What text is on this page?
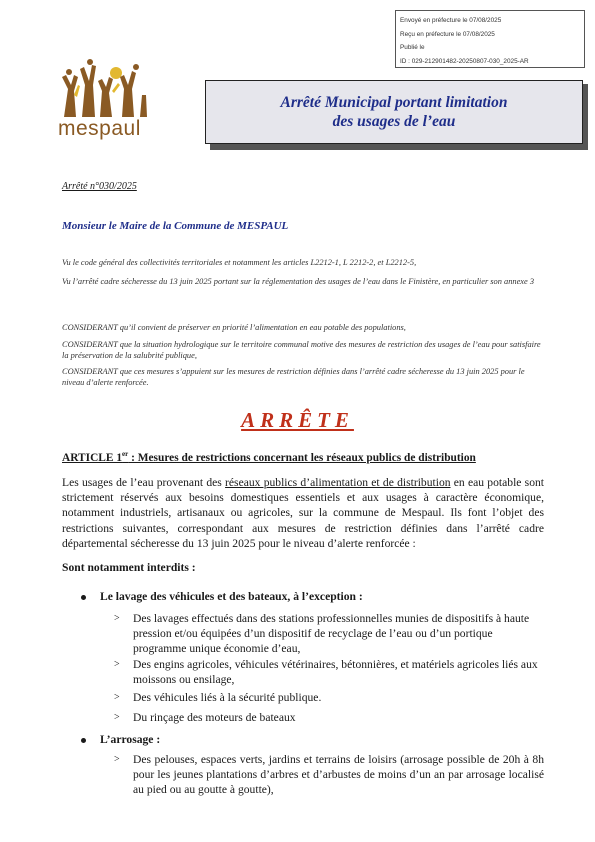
Envoyé en préfecture le 07/08/2025
Reçu en préfecture le 07/08/2025
Publié le
ID : 029-212901482-20250807-030_2025-AR
mespaul
Arrêté Municipal portant limitation
des usages de l’eau
Arrêté n°030/2025
Monsieur le Maire de la Commune de MESPAUL
Vu le code général des collectivités territoriales et notamment les articles L2212-1, L 2212-2, et L2212-5,
Vu l’arrêté cadre sécheresse du 13 juin 2025 portant sur la réglementation des usages de l’eau dans le Finistère, en particulier son annexe 3
CONSIDERANT qu’il convient de préserver en priorité l’alimentation en eau potable des populations,
CONSIDERANT que la situation hydrologique sur le territoire communal motive des mesures de restriction des usages de l’eau pour satisfaire la préservation de la salubrité publique,
CONSIDERANT que ces mesures s’appuient sur les mesures de restriction définies dans l’arrêté cadre sécheresse du 13 juin 2025 pour le niveau d’alerte renforcée.
ARRÊTE
ARTICLE 1er : Mesures de restrictions concernant les réseaux publics de distribution
Les usages de l’eau provenant des réseaux publics d’alimentation et de distribution en eau potable sont strictement réservés aux besoins domestiques essentiels et aux usages à caractère économique, notamment industriels, artisanaux ou agricoles, sur la commune de Mespaul. Ils font l’objet des restrictions suivantes, correspondant aux mesures de restriction définies dans l’arrêté cadre départemental sécheresse du 13 juin 2025 pour le niveau d’alerte renforcée :
Sont notamment interdits :
Le lavage des véhicules et des bateaux, à l’exception :
> Des lavages effectués dans des stations professionnelles munies de dispositifs à haute pression et/ou équipées d’un dispositif de recyclage de l’eau ou d’un portique programme unique économie d’eau,
> Des engins agricoles, véhicules vétérinaires, bétonnières, et matériels agricoles liés aux moissons ou ensilage,
> Des véhicules liés à la sécurité publique.
> Du rinçage des moteurs de bateaux
L’arrosage :
> Des pelouses, espaces verts, jardins et terrains de loisirs (arrosage possible de 20h à 8h pour les jeunes plantations d’arbres et d’arbustes de moins d’un an par arrosage localisé au pied ou au goutte à goutte),
